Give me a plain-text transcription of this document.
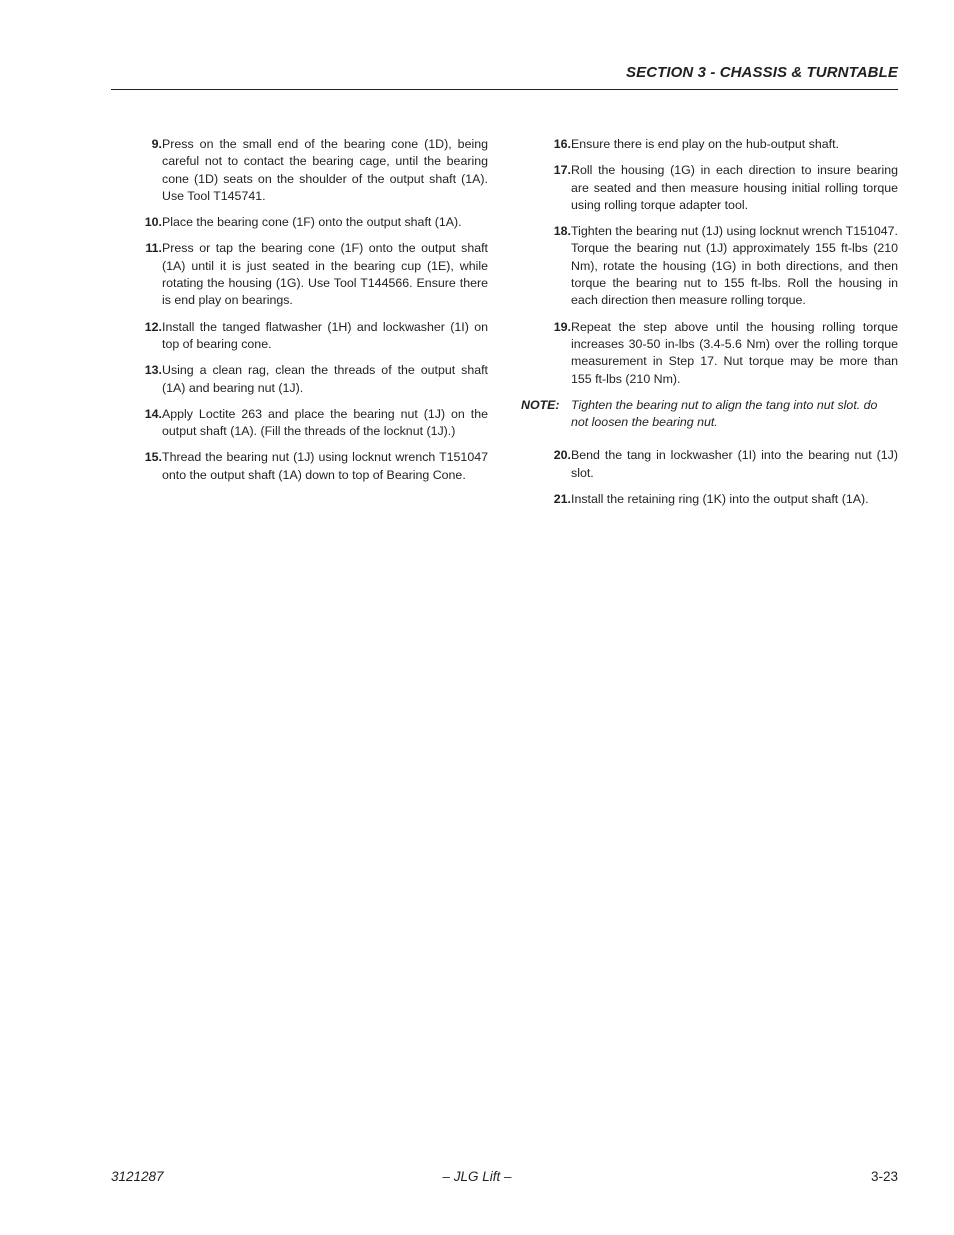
SECTION 3 - CHASSIS & TURNTABLE
9. Press on the small end of the bearing cone (1D), being careful not to contact the bearing cage, until the bearing cone (1D) seats on the shoulder of the output shaft (1A). Use Tool T145741.
10. Place the bearing cone (1F) onto the output shaft (1A).
11. Press or tap the bearing cone (1F) onto the output shaft (1A) until it is just seated in the bearing cup (1E), while rotating the housing (1G). Use Tool T144566. Ensure there is end play on bearings.
12. Install the tanged flatwasher (1H) and lockwasher (1I) on top of bearing cone.
13. Using a clean rag, clean the threads of the output shaft (1A) and bearing nut (1J).
14. Apply Loctite 263 and place the bearing nut (1J) on the output shaft (1A). (Fill the threads of the locknut (1J).)
15. Thread the bearing nut (1J) using locknut wrench T151047 onto the output shaft (1A) down to top of Bearing Cone.
16. Ensure there is end play on the hub-output shaft.
17. Roll the housing (1G) in each direction to insure bearing are seated and then measure housing initial rolling torque using rolling torque adapter tool.
18. Tighten the bearing nut (1J) using locknut wrench T151047. Torque the bearing nut (1J) approximately 155 ft-lbs (210 Nm), rotate the housing (1G) in both directions, and then torque the bearing nut to 155 ft-lbs. Roll the housing in each direction then measure rolling torque.
19. Repeat the step above until the housing rolling torque increases 30-50 in-lbs (3.4-5.6 Nm) over the rolling torque measurement in Step 17. Nut torque may be more than 155 ft-lbs (210 Nm).
NOTE: Tighten the bearing nut to align the tang into nut slot. do not loosen the bearing nut.
20. Bend the tang in lockwasher (1I) into the bearing nut (1J) slot.
21. Install the retaining ring (1K) into the output shaft (1A).
3121287	– JLG Lift –	3-23
